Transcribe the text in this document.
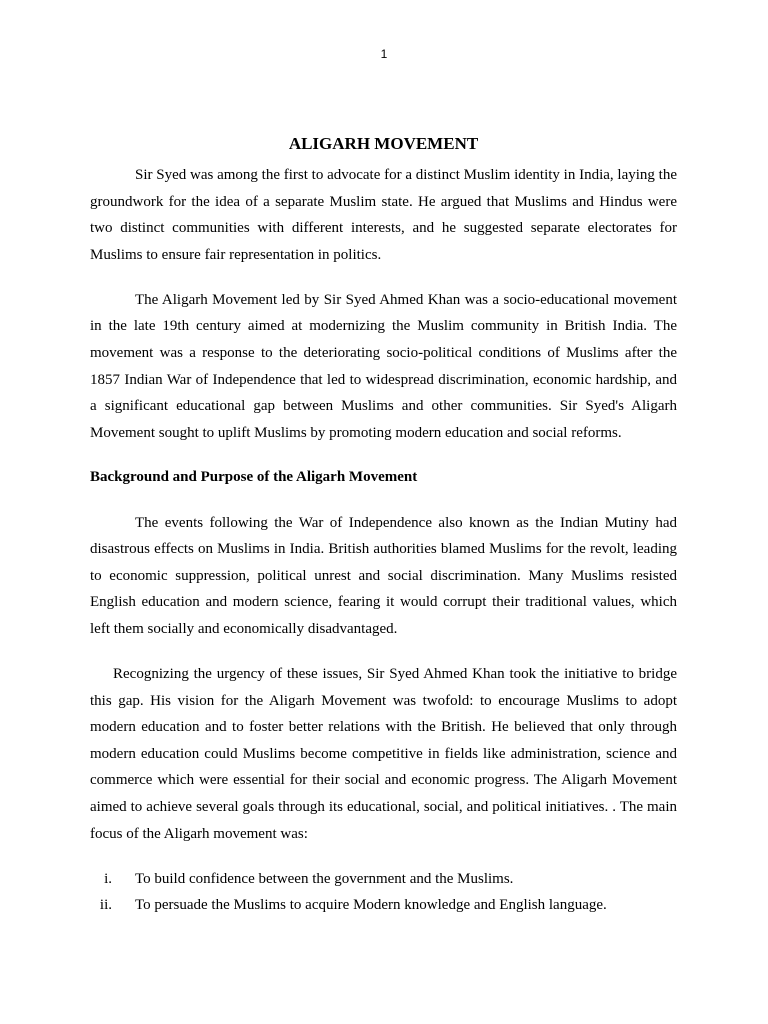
1
ALIGARH MOVEMENT

Sir Syed was among the first to advocate for a distinct Muslim identity in India, laying the groundwork for the idea of a separate Muslim state. He argued that Muslims and Hindus were two distinct communities with different interests, and he suggested separate electorates for Muslims to ensure fair representation in politics.

The Aligarh Movement led by Sir Syed Ahmed Khan was a socio-educational movement in the late 19th century aimed at modernizing the Muslim community in British India. The movement was a response to the deteriorating socio-political conditions of Muslims after the 1857 Indian War of Independence that led to widespread discrimination, economic hardship, and a significant educational gap between Muslims and other communities. Sir Syed's Aligarh Movement sought to uplift Muslims by promoting modern education and social reforms.

Background and Purpose of the Aligarh Movement

The events following the War of Independence also known as the Indian Mutiny had disastrous effects on Muslims in India. British authorities blamed Muslims for the revolt, leading to economic suppression, political unrest and social discrimination. Many Muslims resisted English education and modern science, fearing it would corrupt their traditional values, which left them socially and economically disadvantaged.

Recognizing the urgency of these issues, Sir Syed Ahmed Khan took the initiative to bridge this gap. His vision for the Aligarh Movement was twofold: to encourage Muslims to adopt modern education and to foster better relations with the British. He believed that only through modern education could Muslims become competitive in fields like administration, science and commerce which were essential for their social and economic progress. The Aligarh Movement aimed to achieve several goals through its educational, social, and political initiatives. . The main focus of the Aligarh movement was:

i. To build confidence between the government and the Muslims.
ii. To persuade the Muslims to acquire Modern knowledge and English language.
